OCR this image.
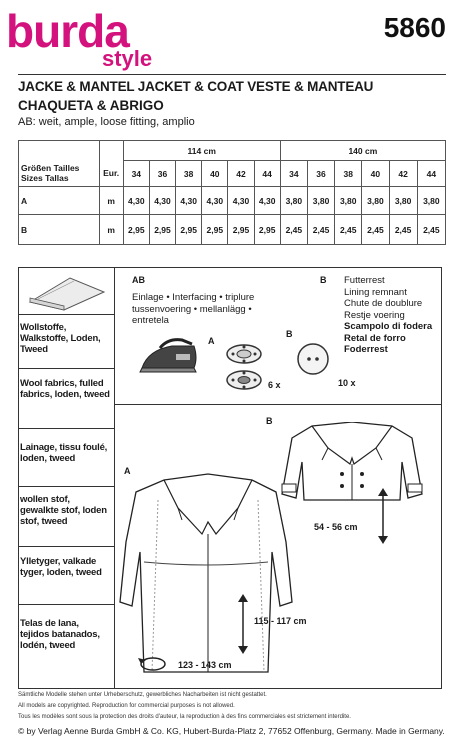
burda
style
5860
JACKE & MANTEL JACKET & COAT VESTE & MANTEAU
CHAQUETA & ABRIGO
AB: weit, ample, loose fitting, amplio
		114 cm						140 cm					

Größen Tailles
Sizes Tallas	Eur.	34	36	38	40	42	44	34	36	38	40	42	44
A	m	4,30	4,30	4,30	4,30	4,30	4,30	3,80	3,80	3,80	3,80	3,80	3,80
B	m	2,95	2,95	2,95	2,95	2,95	2,95	2,45	2,45	2,45	2,45	2,45	2,45
Wollstoffe, Walkstoffe, Loden, Tweed
Wool fabrics, fulled fabrics, loden, tweed
Lainage, tissu foulé, loden, tweed
wollen stof, gewalkte stof, loden stof, tweed
Ylletyger, valkade tyger, loden, tweed
Telas de lana, tejidos batanados, lodén, tweed
AB
Einlage • Interfacing • triplure
tussenvoering • mellanlägg •
entretela
A
6 x
B Futterrest
Lining remnant
Chute de doublure
Restje voering
Scampolo di fodera
Retal de forro
Foderrest
B
10 x
A
B
54 - 56 cm
115 - 117 cm
123 - 143 cm
Sämtliche Modelle stehen unter Urheberschutz, gewerbliches Nacharbeiten ist nicht gestattet.
All models are copyrighted. Reproduction for commercial purposes is not allowed.
Tous les modèles sont sous la protection des droits d'auteur, la reproduction à des fins commerciales est strictement interdite.
© by Verlag Aenne Burda GmbH & Co. KG, Hubert-Burda-Platz 2, 77652 Offenburg, Germany. Made in Germany.
